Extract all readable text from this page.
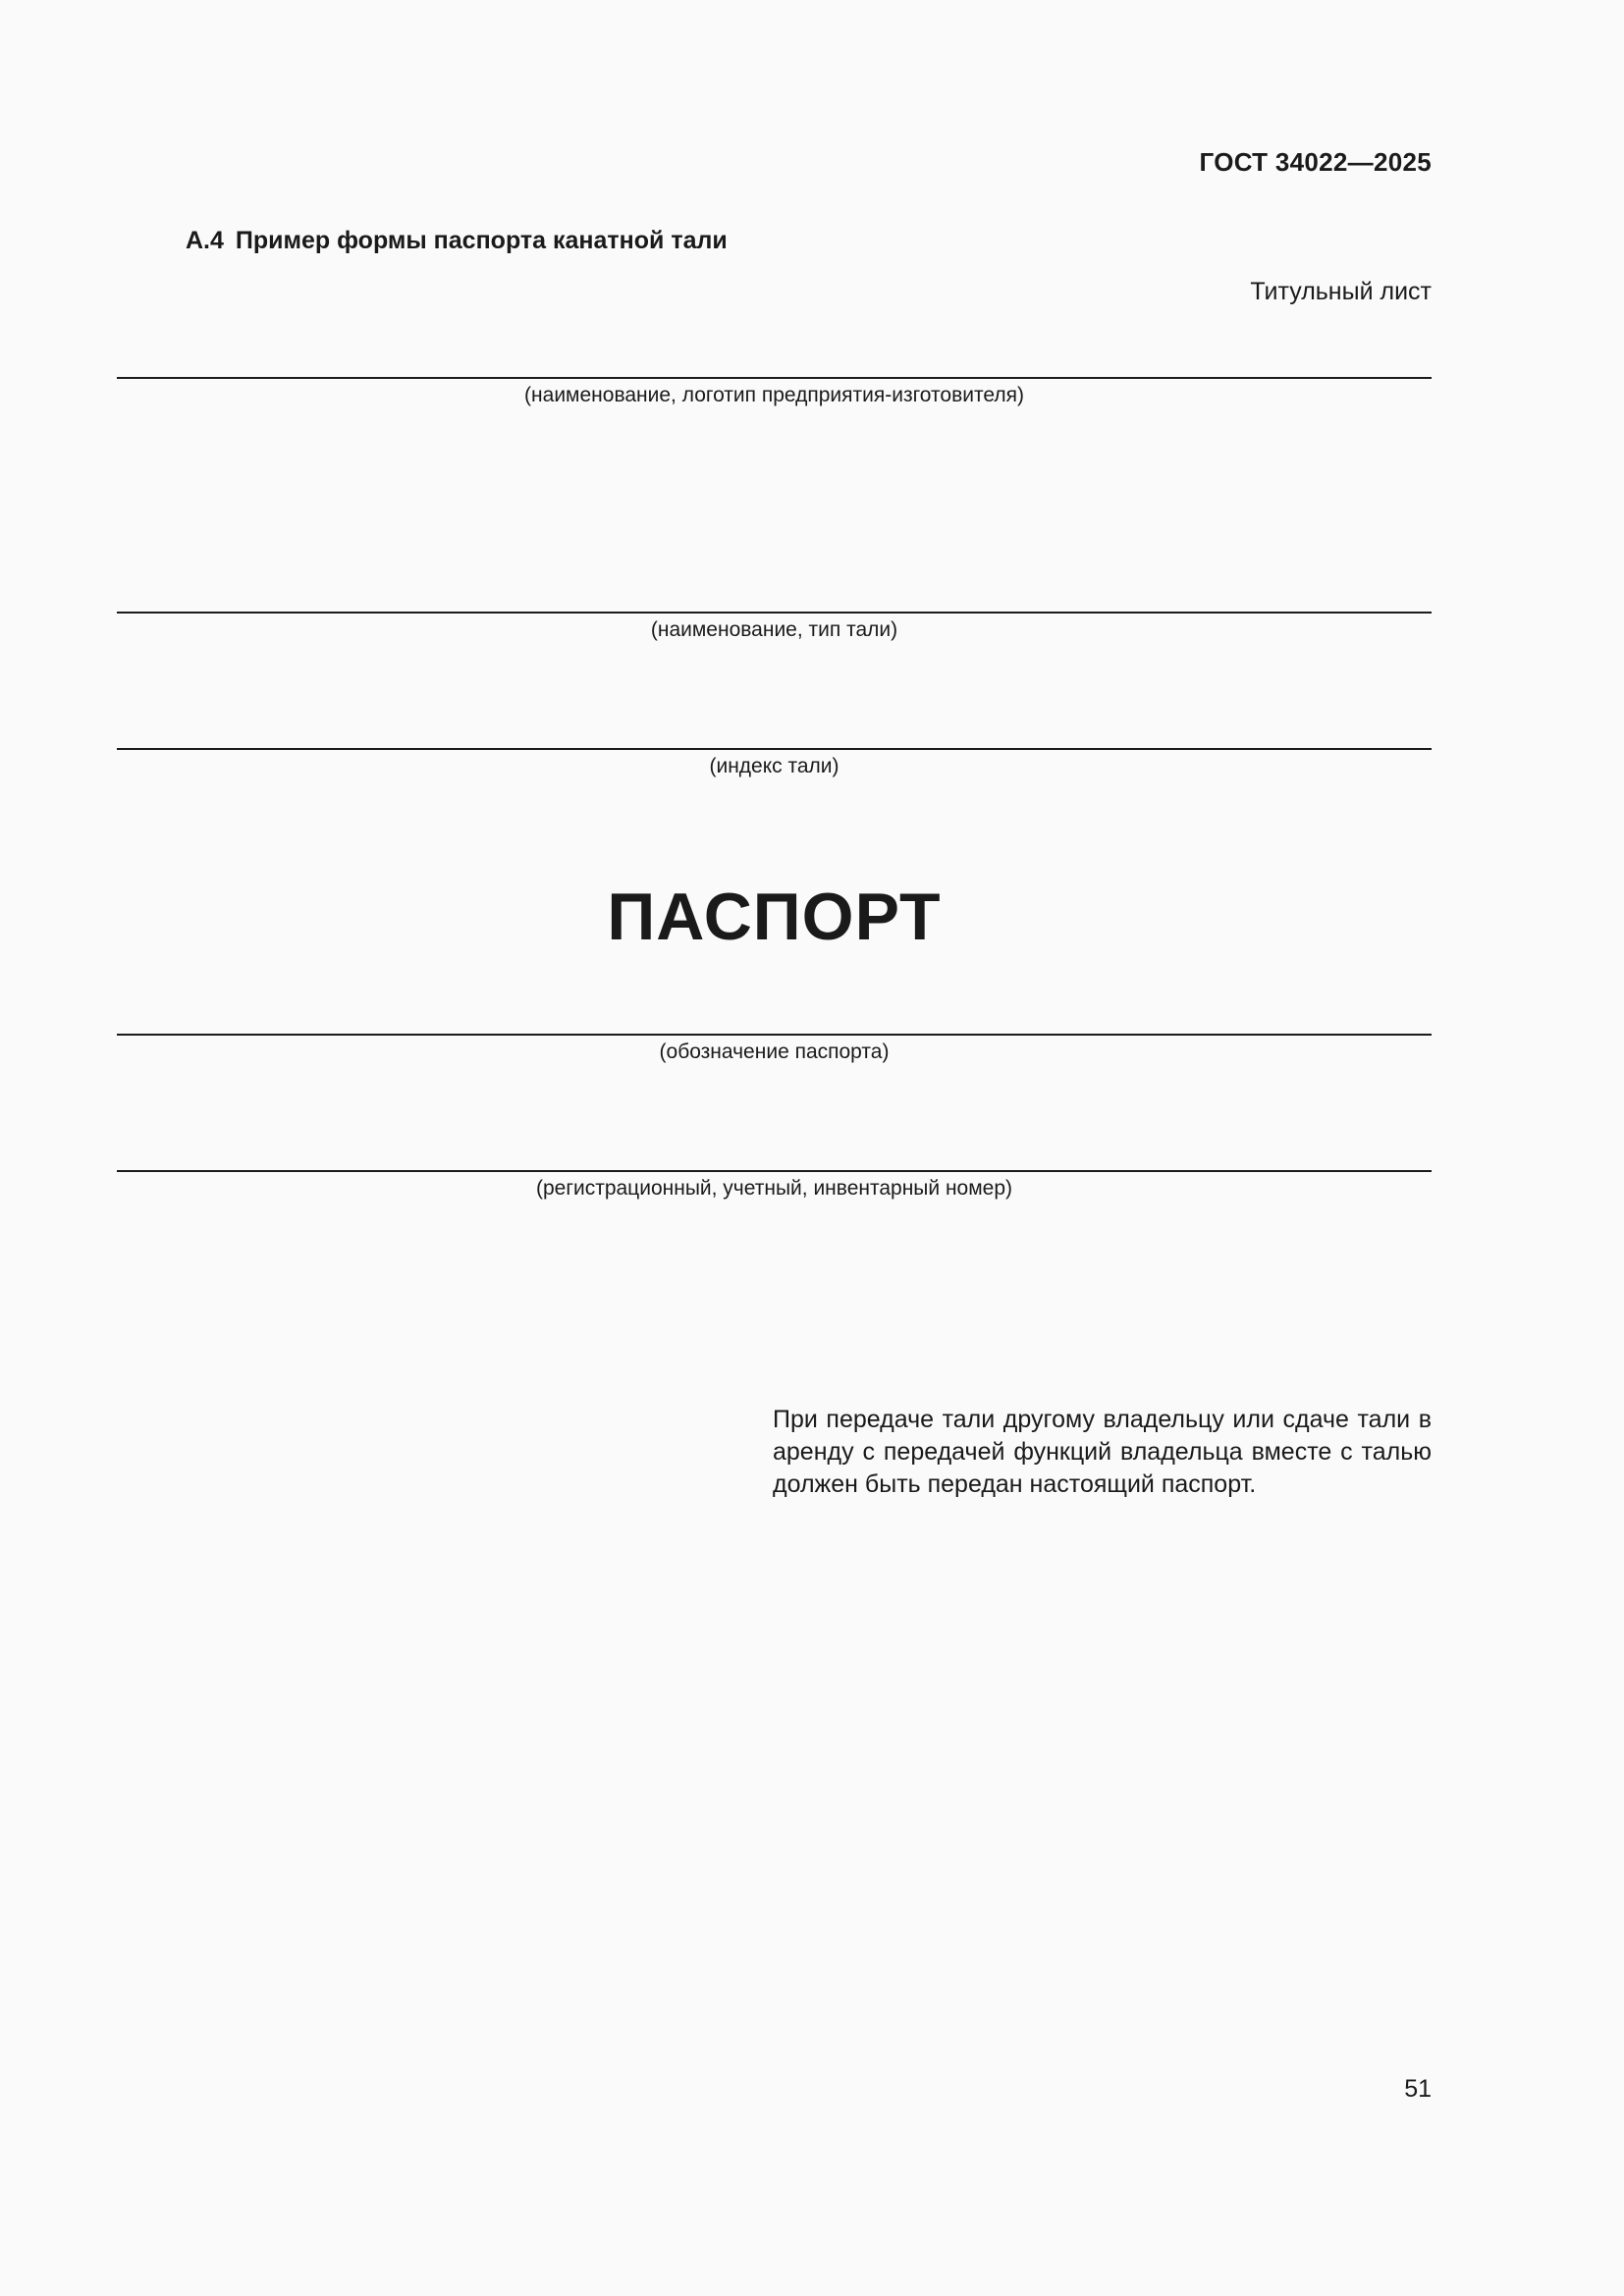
ГОСТ 34022—2025
А.4 Пример формы паспорта канатной тали
Титульный лист
(наименование, логотип предприятия-изготовителя)
(наименование, тип тали)
(индекс тали)
ПАСПОРТ
(обозначение паспорта)
(регистрационный, учетный, инвентарный номер)
При передаче тали другому владельцу или сдаче тали в аренду с передачей функций владельца вместе с талью должен быть передан настоящий паспорт.
51
